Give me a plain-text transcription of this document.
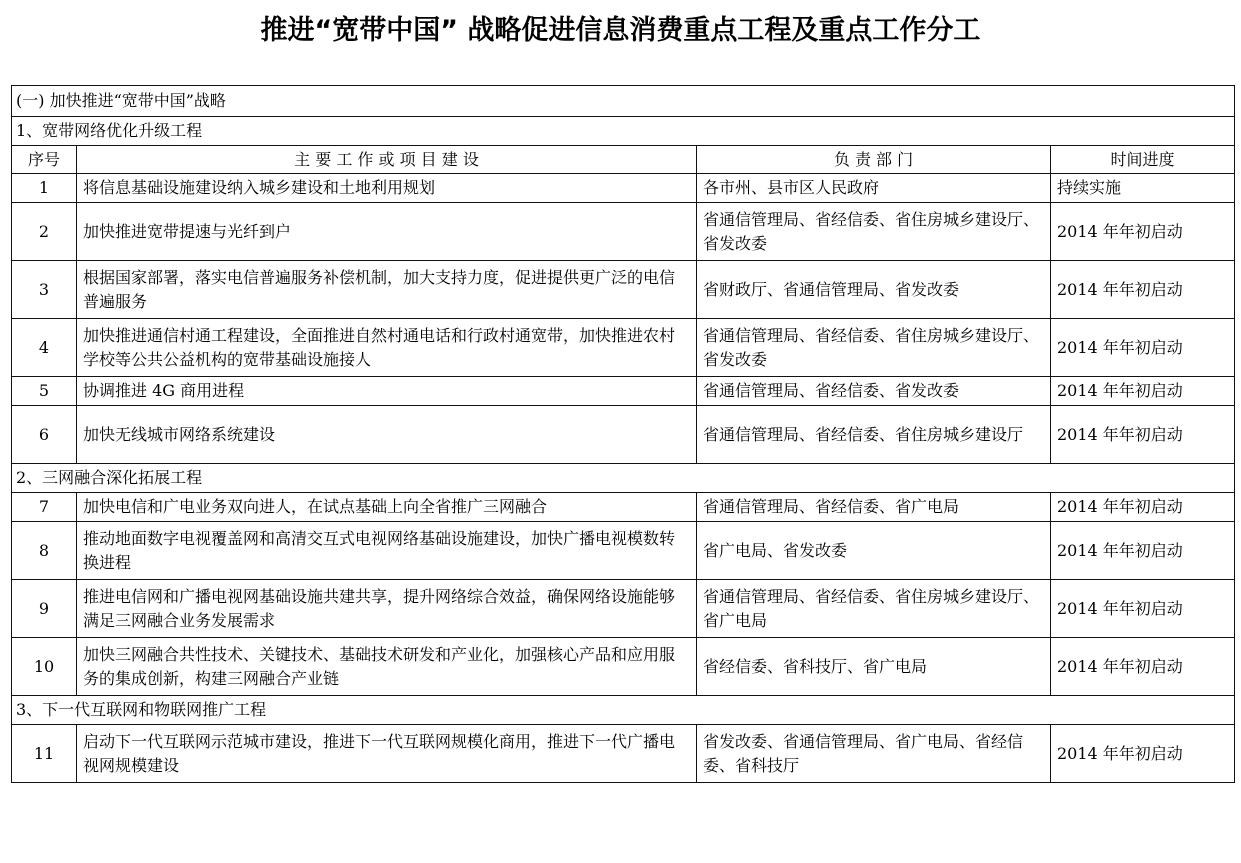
推进“宽带中国” 战略促进信息消费重点工程及重点工作分工
(一) 加快推进“宽带中国”战略			
1、宽带网络优化升级工程			
序号	主 要 工 作 或 项 目 建 设	负 责 部 门	时间进度
1	将信息基础设施建设纳入城乡建设和土地利用规划	各市州、县市区人民政府	持续实施
2	加快推进宽带提速与光纤到户	省通信管理局、省经信委、省住房城乡建设厅、省发改委	2014 年年初启动
3	根据国家部署，落实电信普遍服务补偿机制，加大支持力度，促进提供更广泛的电信普遍服务	省财政厅、省通信管理局、省发改委	2014 年年初启动
4	加快推进通信村通工程建设，全面推进自然村通电话和行政村通宽带，加快推进农村学校等公共公益机构的宽带基础设施接人	省通信管理局、省经信委、省住房城乡建设厅、省发改委	2014 年年初启动
5	协调推进 4G 商用进程	省通信管理局、省经信委、省发改委	2014 年年初启动
6	加快无线城市网络系统建设	省通信管理局、省经信委、省住房城乡建设厅	2014 年年初启动
2、三网融合深化拓展工程			
7	加快电信和广电业务双向进人，在试点基础上向全省推广三网融合	省通信管理局、省经信委、省广电局	2014 年年初启动
8	推动地面数字电视覆盖网和高清交互式电视网络基础设施建设，加快广播电视模数转换进程	省广电局、省发改委	2014 年年初启动
9	推进电信网和广播电视网基础设施共建共享，提升网络综合效益，确保网络设施能够满足三网融合业务发展需求	省通信管理局、省经信委、省住房城乡建设厅、省广电局	2014 年年初启动
10	加快三网融合共性技术、关键技术、基础技术研发和产业化，加强核心产品和应用服务的集成创新，构建三网融合产业链	省经信委、省科技厅、省广电局	2014 年年初启动
3、下一代互联网和物联网推广工程			
11	启动下一代互联网示范城市建设，推进下一代互联网规模化商用，推进下一代广播电视网规模建设	省发改委、省通信管理局、省广电局、省经信委、省科技厅	2014 年年初启动
